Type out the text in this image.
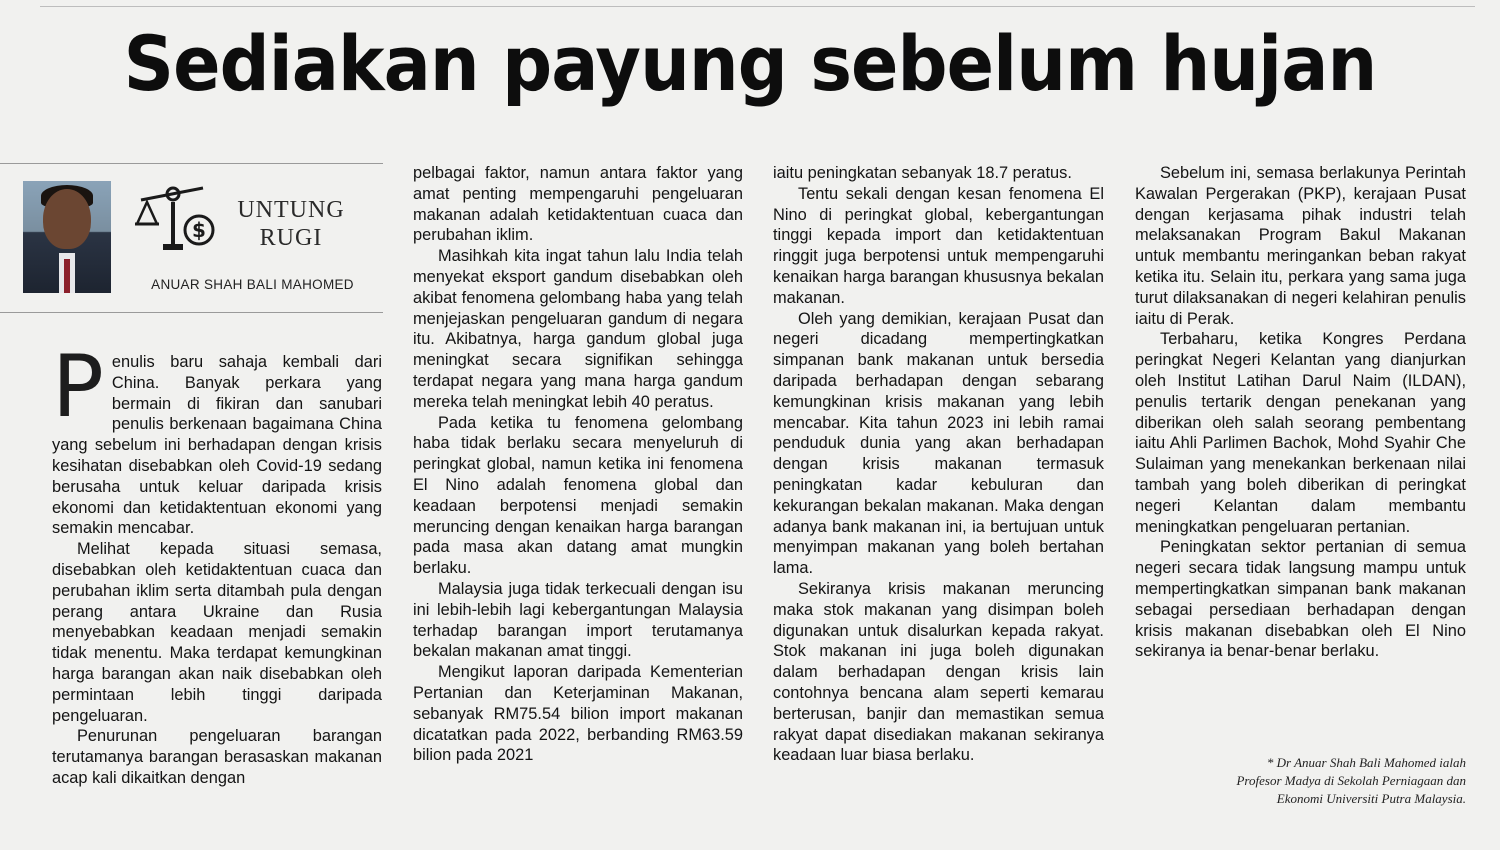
Sediakan payung sebelum hujan
$
UNTUNG
RUGI
ANUAR SHAH BALI MAHOMED

Penulis baru sahaja kembali dari China. Banyak perkara yang bermain di fikiran dan sanubari penulis berkenaan bagaimana China yang sebelum ini berhadapan dengan krisis kesihatan disebabkan oleh Covid-19 sedang berusaha untuk keluar daripada krisis ekonomi dan ketidaktentuan ekonomi yang semakin mencabar.

Melihat kepada situasi semasa, disebabkan oleh ketidaktentuan cuaca dan perubahan iklim serta ditambah pula dengan perang antara Ukraine dan Rusia menyebabkan keadaan menjadi semakin tidak menentu. Maka terdapat kemungkinan harga barangan akan naik disebabkan oleh permintaan lebih tinggi daripada pengeluaran.

Penurunan pengeluaran barangan terutamanya barangan berasaskan makanan acap kali dikaitkan dengan

pelbagai faktor, namun antara faktor yang amat penting mempengaruhi pengeluaran makanan adalah ketidaktentuan cuaca dan perubahan iklim.

Masihkah kita ingat tahun lalu India telah menyekat eksport gandum disebabkan oleh akibat fenomena gelombang haba yang telah menjejaskan pengeluaran gandum di negara itu. Akibatnya, harga gandum global juga meningkat secara signifikan sehingga terdapat negara yang mana harga gandum mereka telah meningkat lebih 40 peratus.

Pada ketika tu fenomena gelombang haba tidak berlaku secara menyeluruh di peringkat global, namun ketika ini fenomena El Nino adalah fenomena global dan keadaan berpotensi menjadi semakin meruncing dengan kenaikan harga barangan pada masa akan datang amat mungkin berlaku.

Malaysia juga tidak terkecuali dengan isu ini lebih-lebih lagi kebergantungan Malaysia terhadap barangan import terutamanya bekalan makanan amat tinggi.

Mengikut laporan daripada Kementerian Pertanian dan Keterjaminan Makanan, sebanyak RM75.54 bilion import makanan dicatatkan pada 2022, berbanding RM63.59 bilion pada 2021

iaitu peningkatan sebanyak 18.7 peratus.

Tentu sekali dengan kesan fenomena El Nino di peringkat global, kebergantungan tinggi kepada import dan ketidaktentuan ringgit juga berpotensi untuk mempengaruhi kenaikan harga barangan khususnya bekalan makanan.

Oleh yang demikian, kerajaan Pusat dan negeri dicadang mempertingkatkan simpanan bank makanan untuk bersedia daripada berhadapan dengan sebarang kemungkinan krisis makanan yang lebih mencabar. Kita tahun 2023 ini lebih ramai penduduk dunia yang akan berhadapan dengan krisis makanan termasuk peningkatan kadar kebuluran dan kekurangan bekalan makanan. Maka dengan adanya bank makanan ini, ia bertujuan untuk menyimpan makanan yang boleh bertahan lama.

Sekiranya krisis makanan meruncing maka stok makanan yang disimpan boleh digunakan untuk disalurkan kepada rakyat. Stok makanan ini juga boleh digunakan dalam berhadapan dengan krisis lain contohnya bencana alam seperti kemarau berterusan, banjir dan memastikan semua rakyat dapat disediakan makanan sekiranya keadaan luar biasa berlaku.

Sebelum ini, semasa berlakunya Perintah Kawalan Pergerakan (PKP), kerajaan Pusat dengan kerjasama pihak industri telah melaksanakan Program Bakul Makanan untuk membantu meringankan beban rakyat ketika itu. Selain itu, perkara yang sama juga turut dilaksanakan di negeri kelahiran penulis iaitu di Perak.

Terbaharu, ketika Kongres Perdana peringkat Negeri Kelantan yang dianjurkan oleh Institut Latihan Darul Naim (ILDAN), penulis tertarik dengan penekanan yang diberikan oleh salah seorang pembentang iaitu Ahli Parlimen Bachok, Mohd Syahir Che Sulaiman yang menekankan berkenaan nilai tambah yang boleh diberikan di peringkat negeri Kelantan dalam membantu meningkatkan pengeluaran pertanian.

Peningkatan sektor pertanian di semua negeri secara tidak langsung mampu untuk mempertingkatkan simpanan bank makanan sebagai persediaan berhadapan dengan krisis makanan disebabkan oleh El Nino sekiranya ia benar-benar berlaku.

* Dr Anuar Shah Bali Mahomed ialah
Profesor Madya di Sekolah Perniagaan dan
Ekonomi Universiti Putra Malaysia.
